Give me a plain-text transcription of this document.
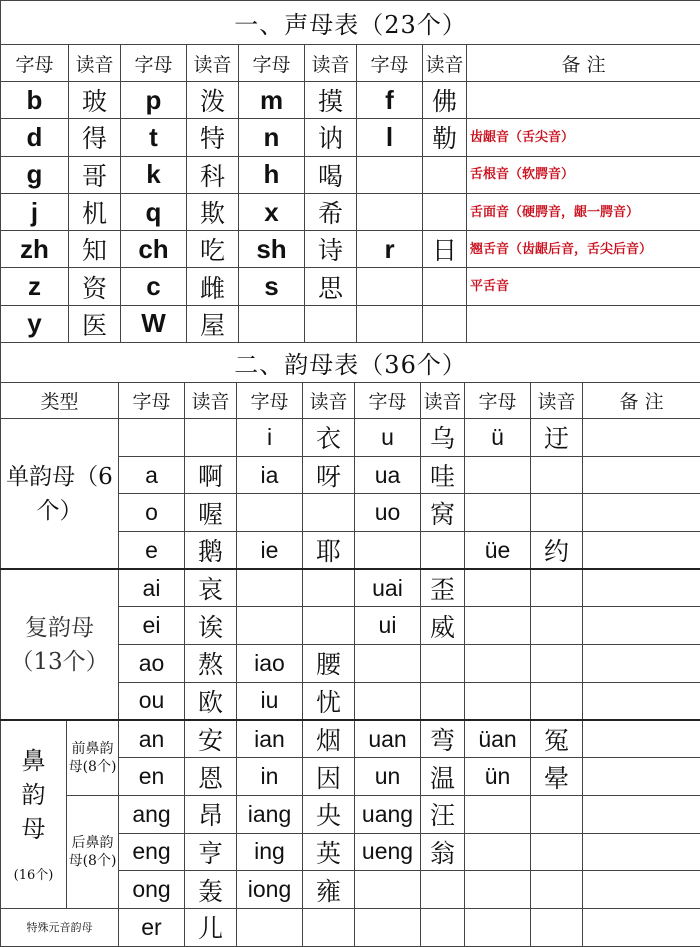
一、声母表（23个）								
字母	读音	字母	读音	字母	读音	字母	读音	备 注
b	玻	p	泼	m	摸	f	佛	
d	得	t	特	n	讷	l	勒	齿龈音（舌尖音）
g	哥	k	科	h	喝			舌根音（软腭音）
j	机	q	欺	x	希			舌面音（硬腭音，龈一腭音）
zh	知	ch	吃	sh	诗	r	日	翘舌音（齿龈后音，舌尖后音）
z	资	c	雌	s	思			平舌音
y	医	W	屋					
二、韵母表（36个）										
类型		字母	读音	字母	读音	字母	读音	字母	读音	备 注
单韵母（6个）				i	衣	u	乌	ü	迂	
		a	啊	ia	呀	ua	哇			
		o	喔			uo	窝			
		e	鹅	ie	耶			üe	约	
复韵母（13个）		ai	哀			uai	歪			
		ei	诶			ui	威			
		ao	熬	iao	腰					
		ou	欧	iu	忧					

鼻韵母
(16个)	前鼻韵母(8个)	an	安	ian	烟	uan	弯	üan	冤	
		en	恩	in	因	un	温	ün	晕	
	后鼻韵母(8个)	ang	昂	iang	央	uang	汪			
		eng	亨	ing	英	ueng	翁			
		ong	轰	iong	雍					
特殊元音韵母		er	儿							
